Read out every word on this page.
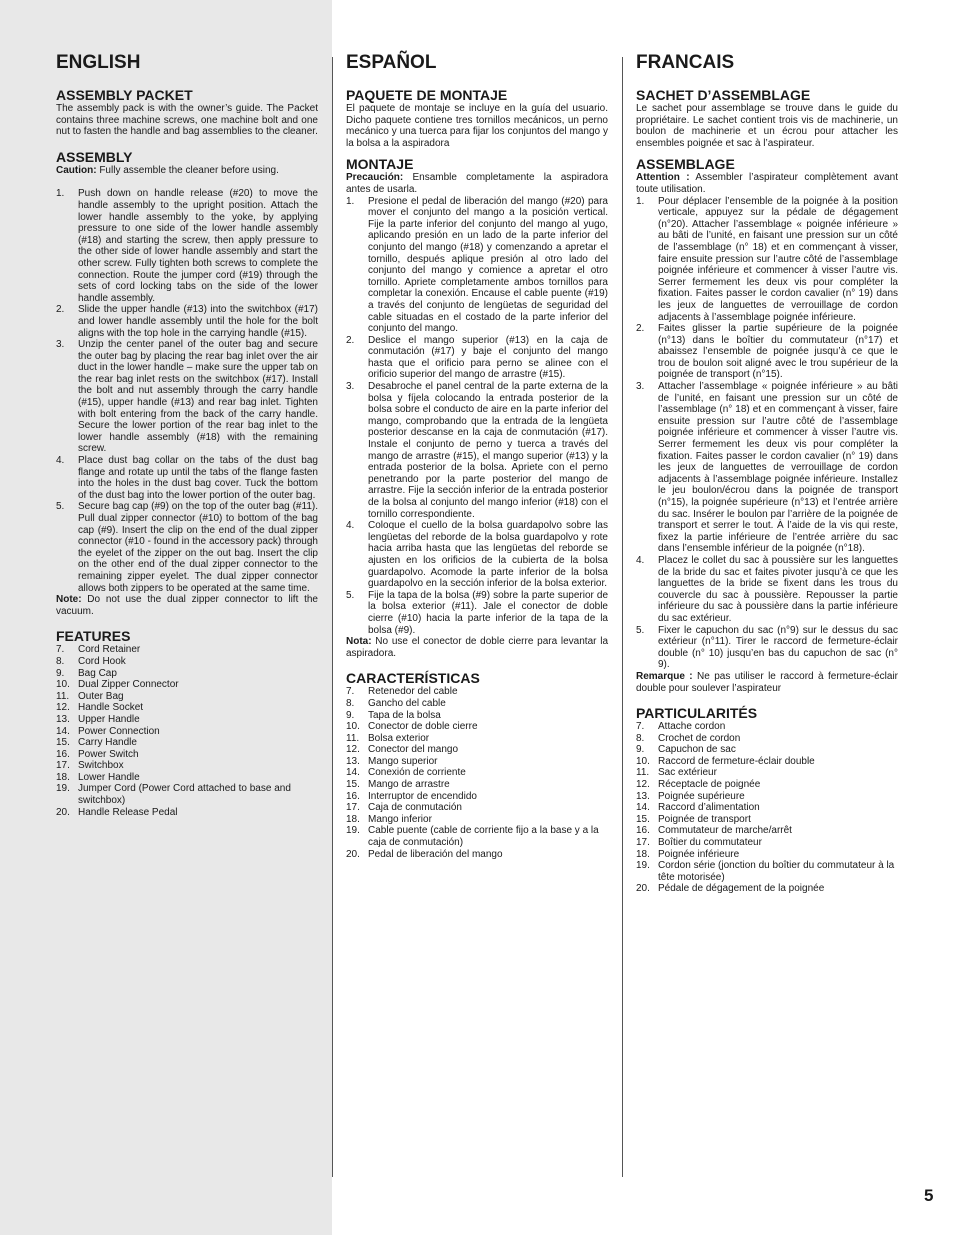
ENGLISH
ASSEMBLY PACKET

The assembly pack is with the owner’s guide. The Packet contains three machine screws, one machine bolt and one nut to fasten the handle and bag assemblies to the cleaner.

ASSEMBLY

Caution: Fully assemble the cleaner before using.

1.	Push down on handle release (#20) to move the handle assembly to the upright position. Attach the lower handle assembly to the yoke, by applying pressure to one side of the lower handle assembly (#18) and starting the screw, then apply pressure to the other side of lower handle assembly and start the other screw. Fully tighten both screws to complete the connection. Route the jumper cord (#19) through the sets of cord locking tabs on the side of the lower handle assembly.
2.	Slide the upper handle (#13) into the switchbox (#17) and lower handle assembly until the hole for the bolt aligns with the top hole in the carrying handle (#15).
3.	Unzip the center panel of the outer bag and secure the outer bag by placing the rear bag inlet over the air duct in the lower handle – make sure the upper tab on the rear bag inlet rests on the switchbox (#17). Install the bolt and nut assembly through the carry handle (#15), upper handle (#13) and rear bag inlet. Tighten with bolt entering from the back of the carry handle. Secure the lower portion of the rear bag inlet to the lower handle assembly (#18) with the remaining screw.
4.	Place dust bag collar on the tabs of the dust bag flange and rotate up until the tabs of the flange fasten into the holes in the dust bag cover. Tuck the bottom of the dust bag into the lower portion of the outer bag.
5.	Secure bag cap (#9) on the top of the outer bag (#11). Pull dual zipper connector (#10) to bottom of the bag cap (#9). Insert the clip on the end of the dual zipper connector (#10 - found in the accessory pack) through the eyelet of the zipper on the out bag. Insert the clip on the other end of the dual zipper connector to the remaining zipper eyelet. The dual zipper connector allows both zippers to be operated at the same time.

Note: Do not use the dual zipper connector to lift the vacuum.

FEATURES
7.	Cord Retainer
8.	Cord Hook
9.	Bag Cap
10. Dual Zipper Connector
11. Outer Bag
12. Handle Socket
13. Upper Handle
14. Power Connection
15. Carry Handle
16. Power Switch
17. Switchbox
18. Lower Handle
19. Jumper Cord (Power Cord attached to base and switchbox)
20. Handle Release Pedal
ESPAÑOL
PAQUETE DE MONTAJE

El paquete de montaje se incluye en la guía del usuario. Dicho paquete contiene tres tornillos mecánicos, un perno mecánico y una tuerca para fijar los conjuntos del mango y la bolsa a la aspiradora

MONTAJE

Precaución: Ensamble completamente la aspiradora antes de usarla.

1.	Presione el pedal de liberación del mango (#20) para mover el conjunto del mango a la posición vertical. Fije la parte inferior del conjunto del mango al yugo, aplicando presión en un lado de la parte inferior del conjunto del mango (#18) y comenzando a apretar el tornillo, después aplique presión al otro lado del conjunto del mango y comience a apretar el otro tornillo. Apriete completamente ambos tornillos para completar la conexión. Encause el cable puente (#19) a través del conjunto de lengüetas de seguridad del cable situadas en el costado de la parte inferior del conjunto del mango.
2.	Deslice el mango superior (#13) en la caja de conmutación (#17) y baje el conjunto del mango hasta que el orificio para perno se alinee con el orificio superior del mango de arrastre (#15).
3.	Desabroche el panel central de la parte externa de la bolsa y fíjela colocando la entrada posterior de la bolsa sobre el conducto de aire en la parte inferior del mango, comprobando que la entrada de la lengüeta posterior descanse en la caja de conmutación (#17). Instale el conjunto de perno y tuerca a través del mango de arrastre (#15), el mango superior (#13) y la entrada posterior de la bolsa. Apriete con el perno penetrando por la parte posterior del mango de arrastre. Fije la sección inferior de la entrada posterior de la bolsa al conjunto del mango inferior (#18) con el tornillo correspondiente.
4.	Coloque el cuello de la bolsa guardapolvo sobre las lengüetas del reborde de la bolsa guardapolvo y rote hacia arriba hasta que las lengüetas del reborde se ajusten en los orificios de la cubierta de la bolsa guardapolvo. Acomode la parte inferior de la bolsa guardapolvo en la sección inferior de la bolsa exterior.
5.	Fije la tapa de la bolsa (#9) sobre la parte superior de la bolsa exterior (#11). Jale el conector de doble cierre (#10) hacia la parte inferior de la tapa de la bolsa (#9).

Nota: No use el conector de doble cierre para levantar la aspiradora.

CARACTERÍSTICAS
7.	Retenedor del cable
8.	Gancho del cable
9.	Tapa de la bolsa
10. Conector de doble cierre
11. Bolsa exterior
12. Conector del mango
13. Mango superior
14. Conexión de corriente
15. Mango de arrastre
16. Interruptor de encendido
17. Caja de conmutación
18. Mango inferior
19. Cable puente (cable de corriente fijo a la base y a la caja de conmutación)
20. Pedal de liberación del mango
FRANCAIS
SACHET D’ASSEMBLAGE

Le sachet pour assemblage se trouve dans le guide du propriétaire. Le sachet contient trois vis de machinerie, un boulon de machinerie et un écrou pour attacher les ensembles poignée et sac à l’aspirateur.

ASSEMBLAGE

Attention : Assembler l’aspirateur complètement avant toute utilisation.

1.	Pour déplacer l’ensemble de la poignée à la position verticale, appuyez sur la pédale de dégagement (n°20). Attacher l’assemblage « poignée inférieure » au bâti de l’unité, en faisant une pression sur un côté de l’assemblage (n° 18) et en commençant à visser, faire ensuite pression sur l’autre côté de l’assemblage poignée inférieure et commencer à visser l’autre vis. Serrer fermement les deux vis pour compléter la fixation. Faites passer le cordon cavalier (n° 19) dans les jeux de languettes de verrouillage de cordon adjacents à l’assemblage poignée inférieure.
2.	Faites glisser la partie supérieure de la poignée (n°13) dans le boîtier du commutateur (n°17) et abaissez l’ensemble de poignée jusqu’à ce que le trou de boulon soit aligné avec le trou supérieur de la poignée de transport (n°15).
3.	Attacher l’assemblage « poignée inférieure » au bâti de l’unité, en faisant une pression sur un côté de l’assemblage (n° 18) et en commençant à visser, faire ensuite pression sur l’autre côté de l’assemblage poignée inférieure et commencer à visser l’autre vis. Serrer fermement les deux vis pour compléter la fixation. Faites passer le cordon cavalier (n° 19) dans les jeux de languettes de verrouillage de cordon adjacents à l’assemblage poignée inférieure. Installez le jeu boulon/écrou dans la poignée de transport (n°15), la poignée supérieure (n°13) et l’entrée arrière du sac. Insérer le boulon par l’arrière de la poignée de transport et serrer le tout. À l’aide de la vis qui reste, fixez la partie inférieure de l’entrée arrière du sac dans l’ensemble inférieur de la poignée (n°18).
4.	Placez le collet du sac à poussière sur les languettes de la bride du sac et faites pivoter jusqu’à ce que les languettes de la bride se fixent dans les trous du couvercle du sac à poussière. Repousser la partie inférieure du sac à poussière dans la partie inférieure du sac extérieur.
5.	Fixer le capuchon du sac (n°9) sur le dessus du sac extérieur (n°11). Tirer le raccord de fermeture-éclair double (n° 10) jusqu’en bas du capuchon de sac (n° 9).

Remarque : Ne pas utiliser le raccord à fermeture-éclair double pour soulever l’aspirateur

PARTICULARITÉS
7.	Attache cordon
8.	Crochet de cordon
9.	Capuchon de sac
10. Raccord de fermeture-éclair double
11. Sac extérieur
12. Réceptacle de poignée
13. Poignée supérieure
14. Raccord d’alimentation
15. Poignée de transport
16. Commutateur de marche/arrêt
17. Boîtier du commutateur
18. Poignée inférieure
19. Cordon série (jonction du boîtier du commutateur à la tête motorisée)
20. Pédale de dégagement de la poignée
5
